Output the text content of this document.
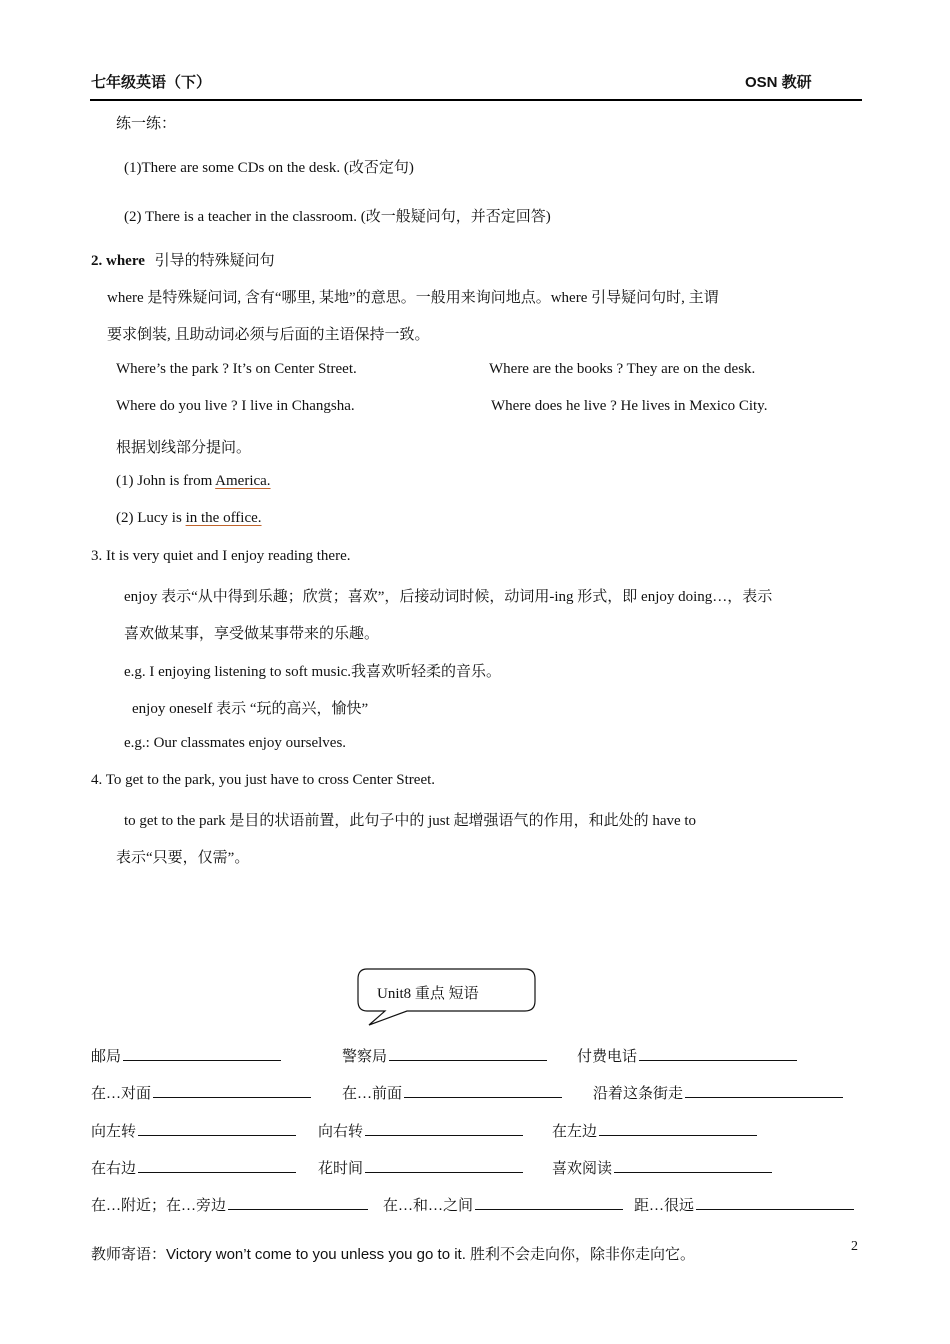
七年级英语（下）	OSN 教研
练一练：
(1)There are some CDs on the desk. (改否定句)
(2) There is a teacher in the classroom. (改一般疑问句，并否定回答)
2. where 引导的特殊疑问句
where 是特殊疑问词, 含有“哪里, 某地”的意思。一般用来询问地点。where 引导疑问句时, 主谓
要求倒装, 且助动词必须与后面的主语保持一致。
Where’s the park ? It’s on Center Street.	Where are the books ? They are on the desk.
Where do you live ? I live in Changsha.	Where does he live ? He lives in Mexico City.
根据划线部分提问。
(1) John is from America.
(2) Lucy is in the office.
3. It is very quiet and I enjoy reading there.
enjoy 表示“从中得到乐趣；欣赏；喜欢”，后接动词时候，动词用-ing 形式，即 enjoy doing…，表示
喜欢做某事，享受做某事带来的乐趣。
e.g. I enjoying listening to soft music.我喜欢听轻柔的音乐。
enjoy oneself 表示 “玩的高兴，愉快”
e.g.: Our classmates enjoy ourselves.
4. To get to the park, you just have to cross Center Street.
to get to the park 是目的状语前置，此句子中的 just 起增强语气的作用，和此处的 have to
表示“只要，仅需”。
Unit8 重点 短语
邮局	警察局	付费电话
在…对面	在…前面	沿着这条街走
向左转	向右转	在左边
在右边	花时间	喜欢阅读
在…附近；在…旁边	在…和…之间	距…很远
教师寄语：Victory won’t come to you unless you go to it. 胜利不会走向你，除非你走向它。	2
